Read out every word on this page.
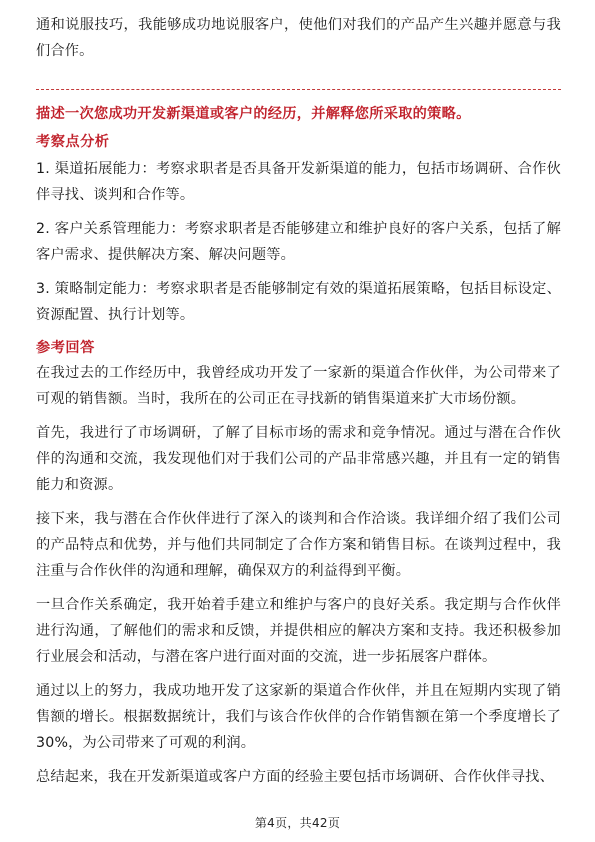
通和说服技巧，我能够成功地说服客户，使他们对我们的产品产生兴趣并愿意与我们合作。

描述一次您成功开发新渠道或客户的经历，并解释您所采取的策略。

考察点分析

1. 渠道拓展能力：考察求职者是否具备开发新渠道的能力，包括市场调研、合作伙伴寻找、谈判和合作等。

2. 客户关系管理能力：考察求职者是否能够建立和维护良好的客户关系，包括了解客户需求、提供解决方案、解决问题等。

3. 策略制定能力：考察求职者是否能够制定有效的渠道拓展策略，包括目标设定、资源配置、执行计划等。

参考回答

在我过去的工作经历中，我曾经成功开发了一家新的渠道合作伙伴，为公司带来了可观的销售额。当时，我所在的公司正在寻找新的销售渠道来扩大市场份额。

首先，我进行了市场调研，了解了目标市场的需求和竞争情况。通过与潜在合作伙伴的沟通和交流，我发现他们对于我们公司的产品非常感兴趣，并且有一定的销售能力和资源。

接下来，我与潜在合作伙伴进行了深入的谈判和合作洽谈。我详细介绍了我们公司的产品特点和优势，并与他们共同制定了合作方案和销售目标。在谈判过程中，我注重与合作伙伴的沟通和理解，确保双方的利益得到平衡。

一旦合作关系确定，我开始着手建立和维护与客户的良好关系。我定期与合作伙伴进行沟通，了解他们的需求和反馈，并提供相应的解决方案和支持。我还积极参加行业展会和活动，与潜在客户进行面对面的交流，进一步拓展客户群体。

通过以上的努力，我成功地开发了这家新的渠道合作伙伴，并且在短期内实现了销售额的增长。根据数据统计，我们与该合作伙伴的合作销售额在第一个季度增长了30%，为公司带来了可观的利润。

总结起来，我在开发新渠道或客户方面的经验主要包括市场调研、合作伙伴寻找、

第4页，共42页
